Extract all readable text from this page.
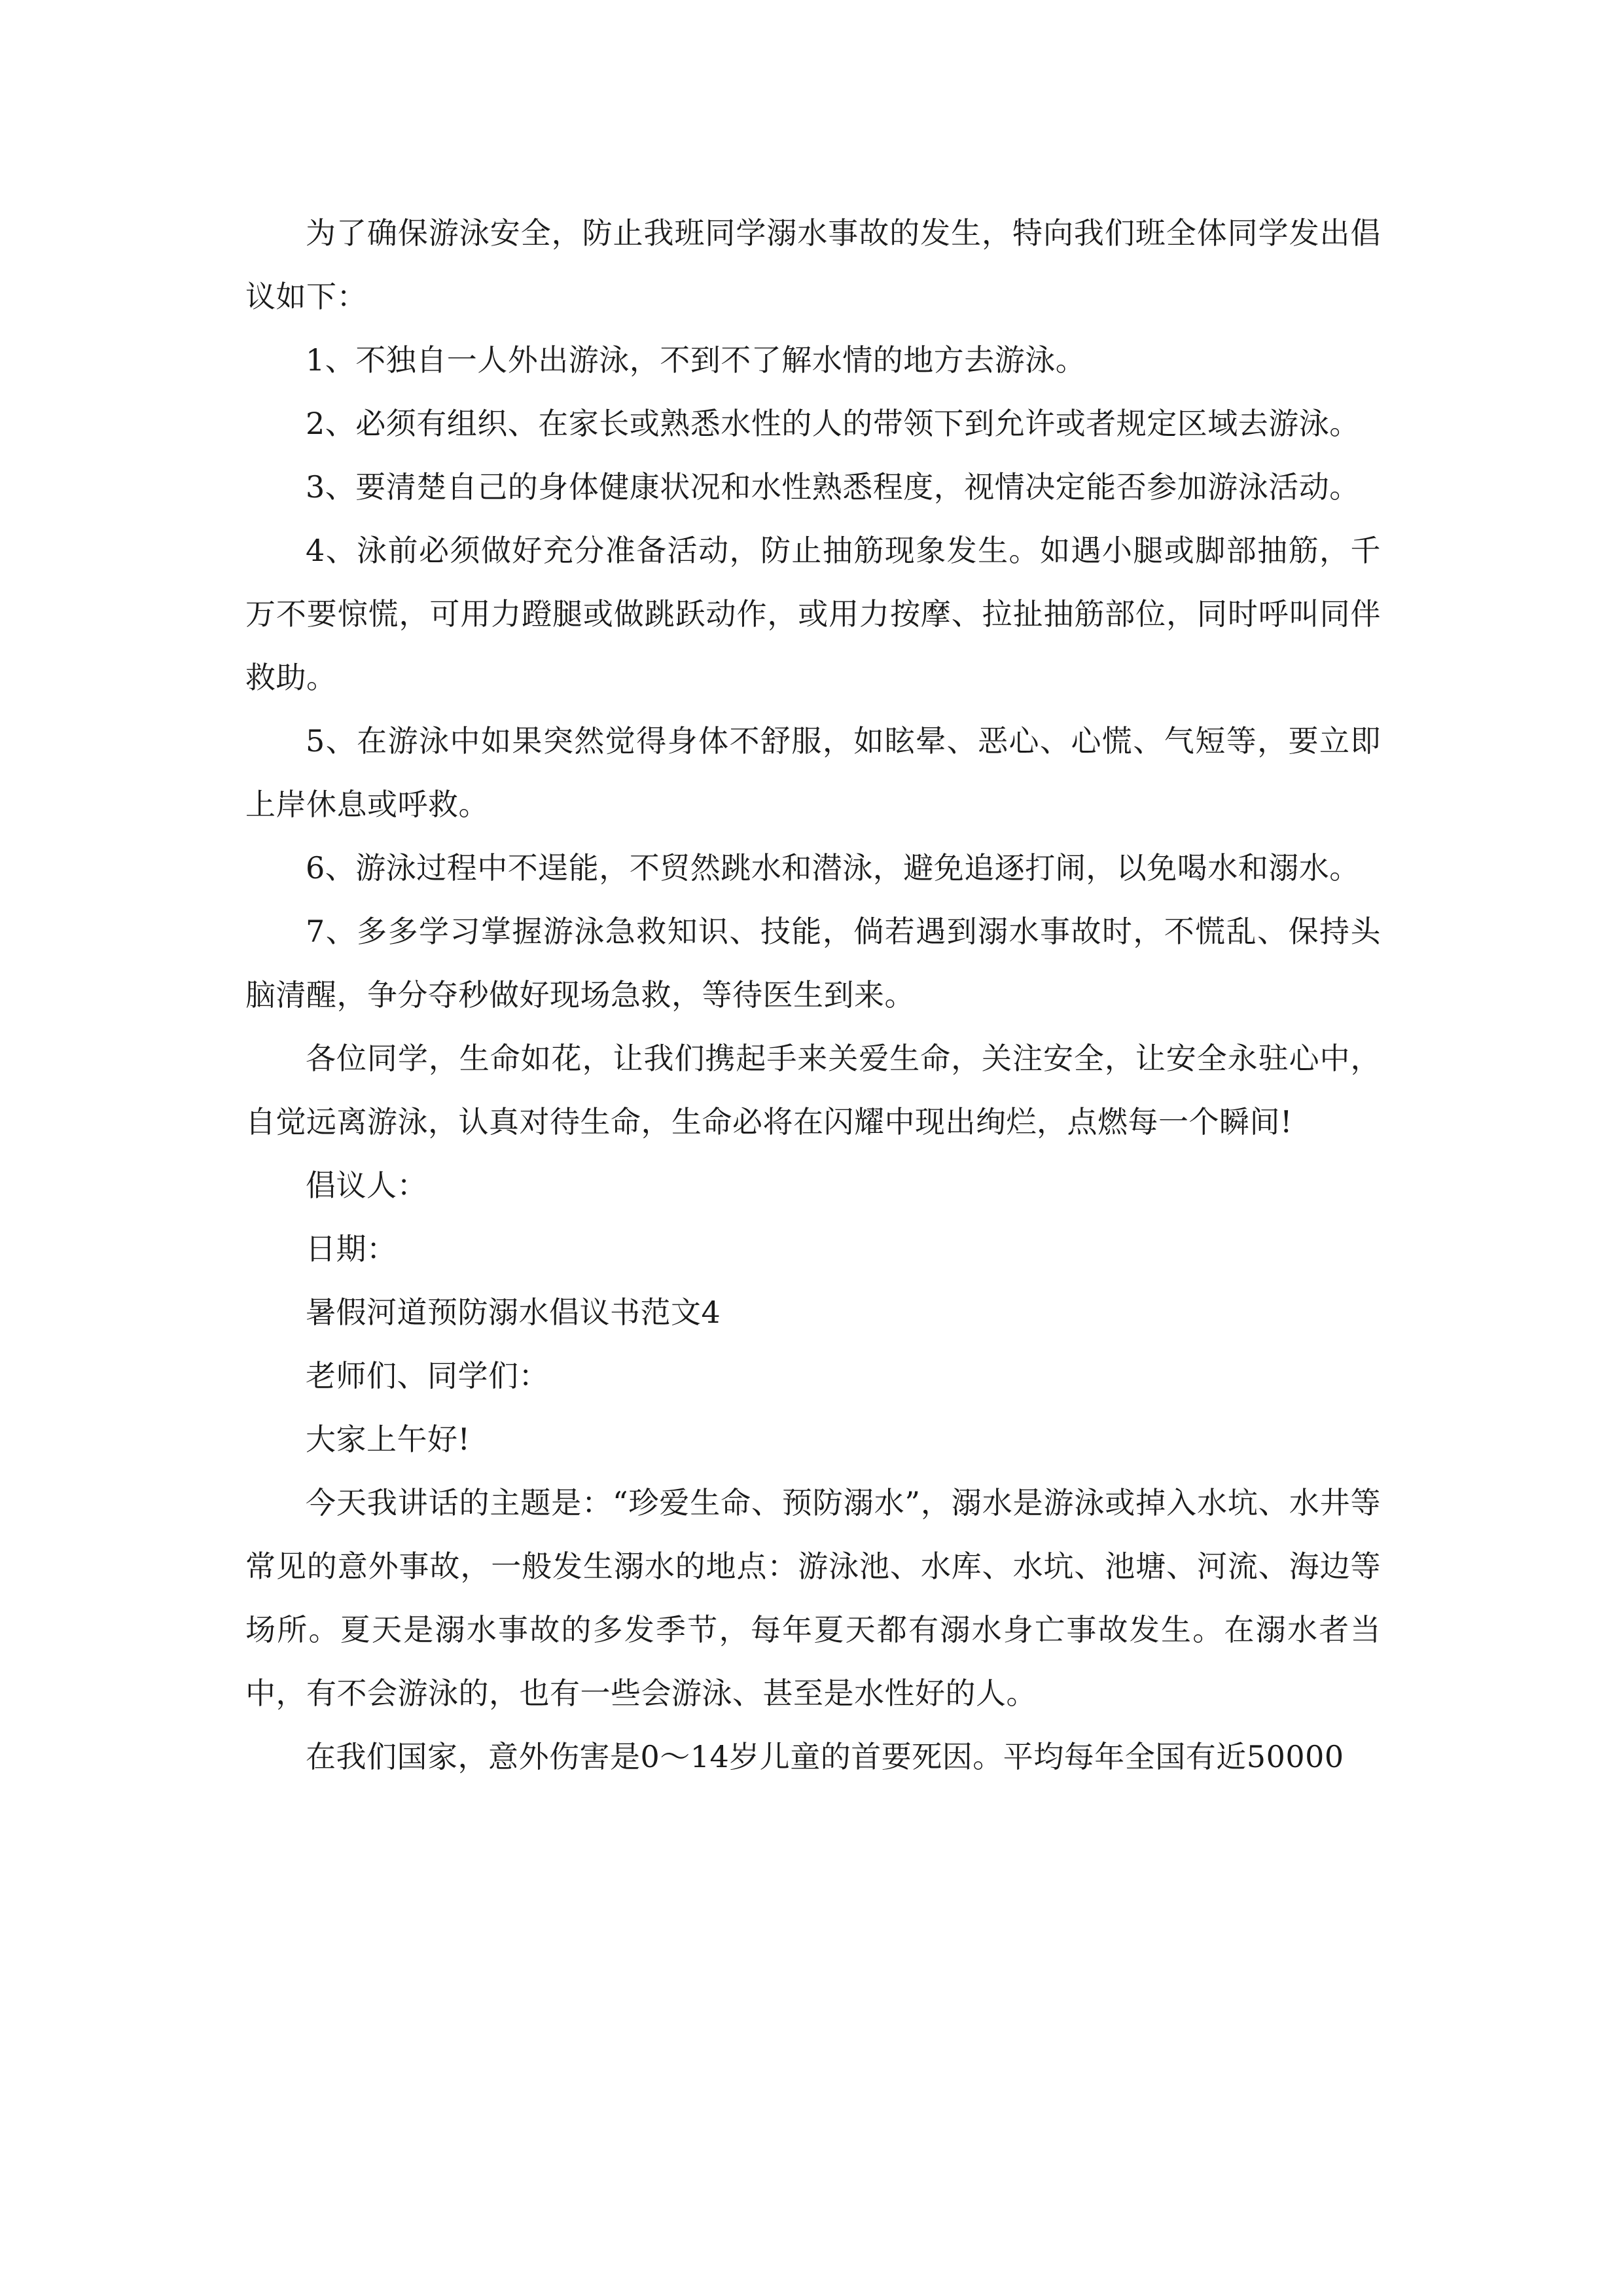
为了确保游泳安全，防止我班同学溺水事故的发生，特向我们班全体同学发出倡议如下：

1、不独自一人外出游泳，不到不了解水情的地方去游泳。

2、必须有组织、在家长或熟悉水性的人的带领下到允许或者规定区域去游泳。

3、要清楚自己的身体健康状况和水性熟悉程度，视情决定能否参加游泳活动。

4、泳前必须做好充分准备活动，防止抽筋现象发生。如遇小腿或脚部抽筋，千万不要惊慌，可用力蹬腿或做跳跃动作，或用力按摩、拉扯抽筋部位，同时呼叫同伴救助。

5、在游泳中如果突然觉得身体不舒服，如眩晕、恶心、心慌、气短等，要立即上岸休息或呼救。

6、游泳过程中不逞能，不贸然跳水和潜泳，避免追逐打闹，以免喝水和溺水。

7、多多学习掌握游泳急救知识、技能，倘若遇到溺水事故时，不慌乱、保持头脑清醒，争分夺秒做好现场急救，等待医生到来。

各位同学，生命如花，让我们携起手来关爱生命，关注安全，让安全永驻心中，自觉远离游泳，认真对待生命，生命必将在闪耀中现出绚烂，点燃每一个瞬间!

倡议人：

日期：

暑假河道预防溺水倡议书范文4

老师们、同学们：

大家上午好!

今天我讲话的主题是：“珍爱生命、预防溺水”，溺水是游泳或掉入水坑、水井等常见的意外事故，一般发生溺水的地点：游泳池、水库、水坑、池塘、河流、海边等场所。夏天是溺水事故的多发季节，每年夏天都有溺水身亡事故发生。在溺水者当中，有不会游泳的，也有一些会游泳、甚至是水性好的人。

在我们国家，意外伤害是0～14岁儿童的首要死因。平均每年全国有近50000
